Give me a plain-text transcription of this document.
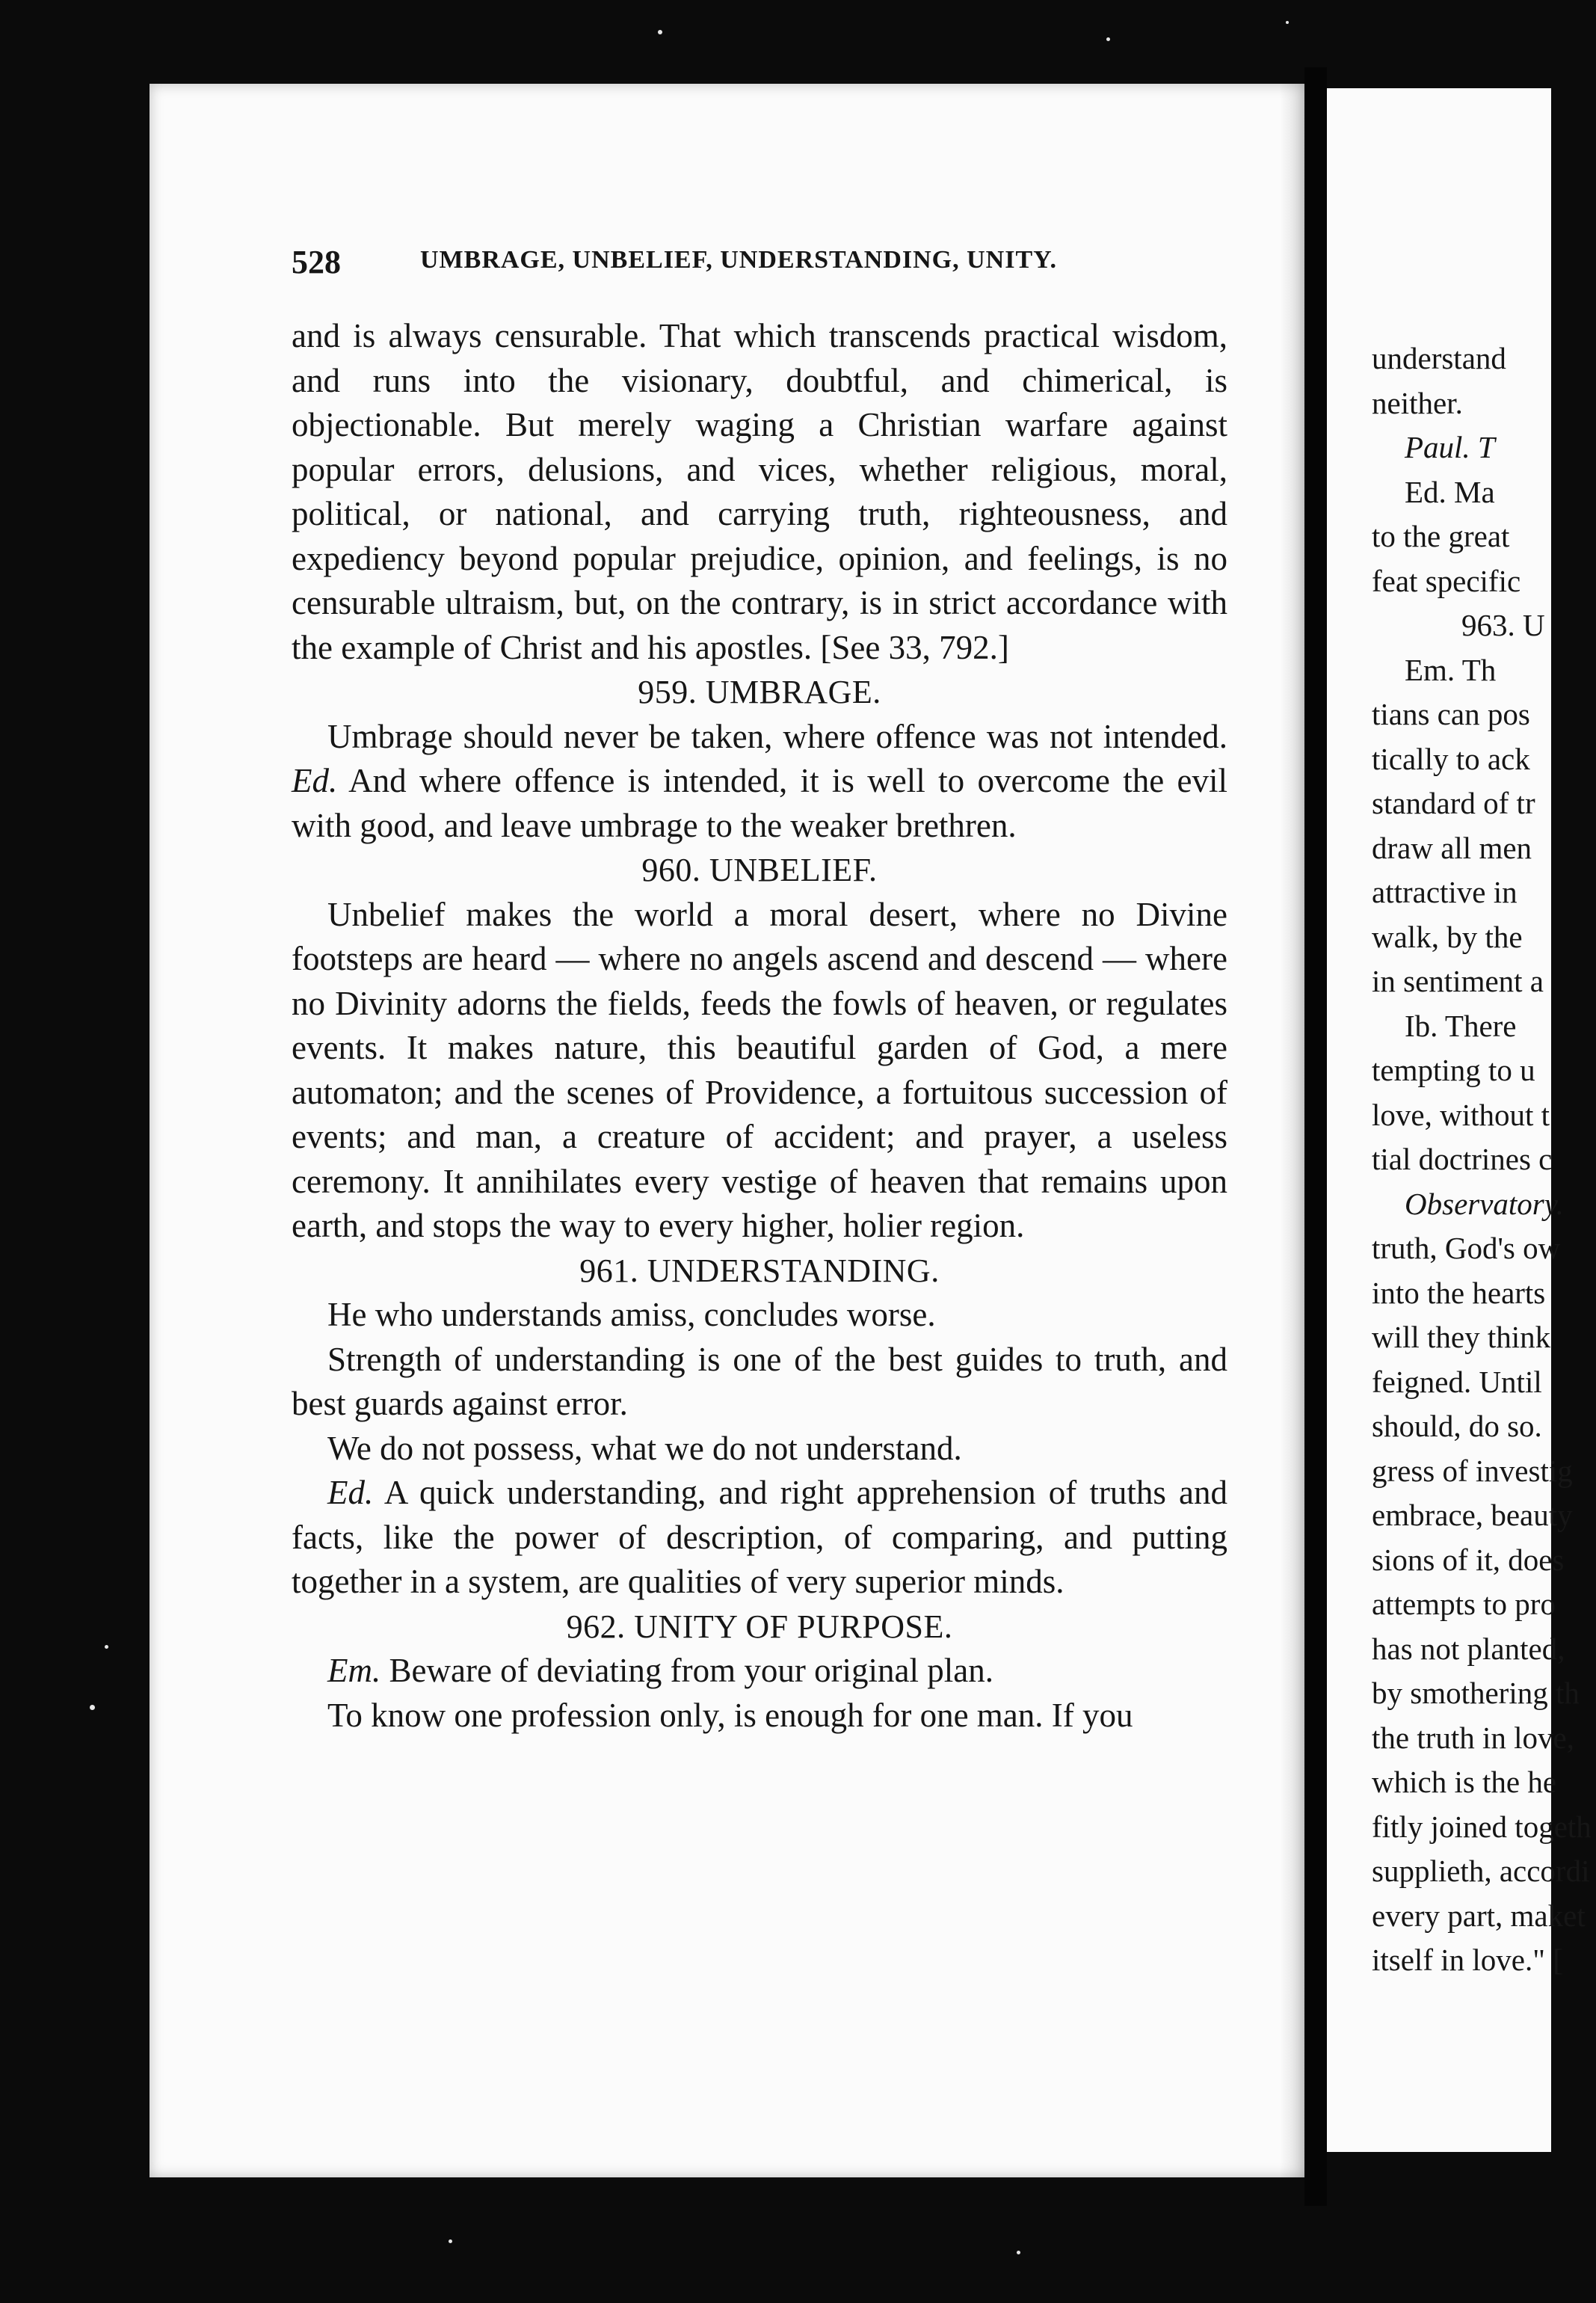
528	UMBRAGE, UNBELIEF, UNDERSTANDING, UNITY.

and is always censurable. That which transcends practical wisdom, and runs into the visionary, doubtful, and chimerical, is objectionable. But merely waging a Christian warfare against popular errors, delusions, and vices, whether religious, moral, political, or national, and carrying truth, righteousness, and expediency beyond popular prejudice, opinion, and feelings, is no censurable ultraism, but, on the contrary, is in strict accordance with the example of Christ and his apostles. [See 33, 792.]

959. UMBRAGE.

Umbrage should never be taken, where offence was not intended. Ed. And where offence is intended, it is well to overcome the evil with good, and leave umbrage to the weaker brethren.

960. UNBELIEF.

Unbelief makes the world a moral desert, where no Divine footsteps are heard — where no angels ascend and descend — where no Divinity adorns the fields, feeds the fowls of heaven, or regulates events. It makes nature, this beautiful garden of God, a mere automaton; and the scenes of Providence, a fortuitous succession of events; and man, a creature of accident; and prayer, a useless ceremony. It annihilates every vestige of heaven that remains upon earth, and stops the way to every higher, holier region.

961. UNDERSTANDING.

He who understands amiss, concludes worse.

Strength of understanding is one of the best guides to truth, and best guards against error.

We do not possess, what we do not understand.

Ed. A quick understanding, and right apprehension of truths and facts, like the power of description, of comparing, and putting together in a system, are qualities of very superior minds.

962. UNITY OF PURPOSE.

Em. Beware of deviating from your original plan.

To know one profession only, is enough for one man. If you

understand
neither.
Paul. T
Ed. Ma
to the great
feat specific
963. U
Em. Th
tians can pos
tically to ack
standard of tr
draw all men
attractive in
walk, by the
in sentiment a
Ib. There
tempting to u
love, without t
tial doctrines c
Observatory.
truth, God's ow
into the hearts
will they think
feigned. Until
should, do so.
gress of investig
embrace, beauty
sions of it, does
attempts to pro
has not planted,
by smothering th
the truth in love,
which is the he
fitly joined togeth
supplieth, accordi
every part, maket
itself in love." [
